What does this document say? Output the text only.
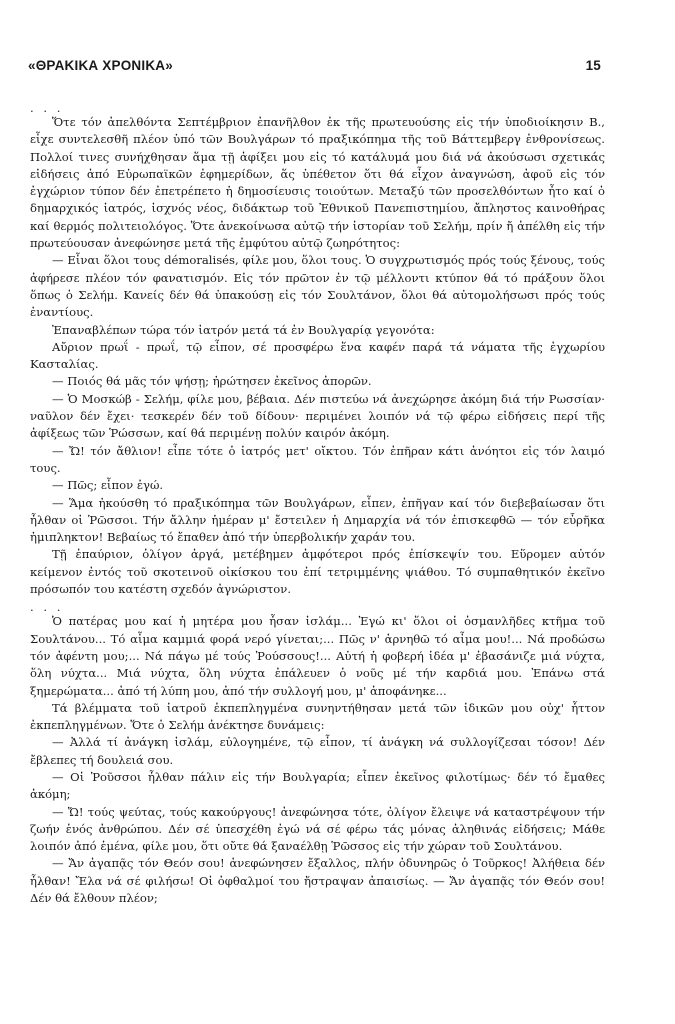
«ΘΡΑΚΙΚΑ ΧΡΟΝΙΚΑ»	15
. . .

Ὅτε τόν ἀπελθόντα Σεπτέμβριον ἐπανῆλθον ἐκ τῆς πρωτευούσης εἰς τήν ὑποδιοίκησιν Β., εἶχε συντελεσθῆ πλέον ὑπό τῶν Βουλγάρων τό πραξικόπημα τῆς τοῦ Βάττεμβεργ ἐνθρονίσεως. Πολλοί τινες συνήχθησαν ἅμα τῇ ἀφίξει μου εἰς τό κατάλυμά μου διά νά ἀκούσωσι σχετικάς εἰδήσεις ἀπό Εὐρωπαϊκῶν ἐφημερίδων, ἅς ὑπέθετον ὅτι θά εἶχον ἀναγνώση, ἀφοῦ εἰς τόν ἐγχώριον τύπον δέν ἐπετρέπετο ἡ δημοσίευσις τοιούτων. Μεταξύ τῶν προσελθόντων ἦτο καί ὁ δημαρχικός ἰατρός, ἰσχνός νέος, διδάκτωρ τοῦ Ἐθνικοῦ Πανεπιστημίου, ἄπληστος καινοθήρας καί θερμός πολιτειολόγος. Ὅτε ἀνεκοίνωσα αὐτῷ τήν ἱστορίαν τοῦ Σελήμ, πρίν ἤ ἀπέλθη εἰς τήν πρωτεύουσαν ἀνεφώνησε μετά τῆς ἐμφύτου αὐτῷ ζωηρότητος:

— Εἶναι ὅλοι τους démoralisés, φίλε μου, ὅλοι τους. Ὁ συγχρωτισμός πρός τούς ξένους, τούς ἀφήρεσε πλέον τόν φανατισμόν. Εἰς τόν πρῶτον ἐν τῷ μέλλοντι κτύπον θά τό πράξουν ὅλοι ὅπως ὁ Σελήμ. Κανείς δέν θά ὑπακούσῃ εἰς τόν Σουλτάνον, ὅλοι θά αὐτομολήσωσι πρός τούς ἐναντίους.

Ἐπαναβλέπων τώρα τόν ἰατρόν μετά τά ἐν Βουλγαρίᾳ γεγονότα:

Αὔριον πρωΐ - πρωΐ, τῷ εἶπον, σέ προσφέρω ἕνα καφέν παρά τά νάματα τῆς ἐγχωρίου Κασταλίας.

— Ποιός θά μᾶς τόν ψήσῃ; ἠρώτησεν ἐκεῖνος ἀπορῶν.

— Ὁ Μοσκώβ - Σελήμ, φίλε μου, βέβαια. Δέν πιστεύω νά ἀνεχώρησε ἀκόμη διά τήν Ρωσσίαν· ναῦλον δέν ἔχει· τεσκερέν δέν τοῦ δίδουν· περιμένει λοιπόν νά τῷ φέρω εἰδήσεις περί τῆς ἀφίξεως τῶν Ῥώσσων, καί θά περιμένῃ πολύν καιρόν ἀκόμη.

— Ὤ! τόν ἄθλιον! εἶπε τότε ὁ ἰατρός μετ' οἴκτου. Τόν ἐπῆραν κάτι ἀνόητοι εἰς τόν λαιμό τους.

— Πῶς; εἶπον ἐγώ.

— Ἅμα ἠκούσθη τό πραξικόπημα τῶν Βουλγάρων, εἶπεν, ἐπῆγαν καί τόν διεβεβαίωσαν ὅτι ἦλθαν οἱ Ῥῶσσοι. Τήν ἄλλην ἡμέραν μ' ἔστειλεν ἡ Δημαρχία νά τόν ἐπισκεφθῶ — τόν εὗρῆκα ἡμιπληκτον! Βεβαίως τό ἔπαθεν ἀπό τήν ὑπερβολικήν χαράν του.

Τῇ ἐπαύριον, ὀλίγον ἀργά, μετέβημεν ἀμφότεροι πρός ἐπίσκεψίν του. Εὕρομεν αὐτόν κείμενον ἐντός τοῦ σκοτεινοῦ οἰκίσκου του ἐπί τετριμμένης ψιάθου. Τό συμπαθητικόν ἐκεῖνο πρόσωπόν του κατέστη σχεδόν ἀγνώριστον.

. . .

Ὁ πατέρας μου καί ἡ μητέρα μου ἦσαν ἰσλάμ... Ἐγώ κι' ὅλοι οἱ ὀσμανλῆδες κτῆμα τοῦ Σουλτάνου... Τό αἷμα καμμιά φορά νερό γίνεται;... Πῶς ν' ἀρνηθῶ τό αἷμα μου!... Νά προδώσω τόν ἀφέντη μου;... Νά πάγω μέ τούς Ῥούσσους!... Αὐτή ἡ φοβερή ἰδέα μ' ἐβασάνιζε μιά νύχτα, ὅλη νύχτα... Μιά νύχτα, ὅλη νύχτα ἐπάλευεν ὁ νοῦς μέ τήν καρδιά μου. Ἐπάνω στά ξημερώματα... ἀπό τή λύπη μου, ἀπό τήν συλλογή μου, μ' ἀποφάνηκε...

Τά βλέμματα τοῦ ἰατροῦ ἐκπεπληγμένα συνηντήθησαν μετά τῶν ἰδικῶν μου οὐχ' ἧττον ἐκπεπληγμένων. Ὅτε ὁ Σελήμ ἀνέκτησε δυνάμεις:

— Ἀλλά τί ἀνάγκη ἰσλάμ, εὐλογημένε, τῷ εἶπον, τί ἀνάγκη νά συλλογίζεσαι τόσον! Δέν ἔβλεπες τή δουλειά σου.

— Οἱ Ῥοῦσσοι ἦλθαν πάλιν εἰς τήν Βουλγαρία; εἶπεν ἐκεῖνος φιλοτίμως· δέν τό ἔμαθες ἀκόμη;

— Ὤ! τούς ψεύτας, τούς κακούργους! ἀνεφώνησα τότε, ὀλίγον ἔλειψε νά καταστρέψουν τήν ζωήν ἑνός ἀνθρώπου. Δέν σέ ὑπεσχέθη ἐγώ νά σέ φέρω τάς μόνας ἀληθινάς εἰδήσεις; Μάθε λοιπόν ἀπό ἐμένα, φίλε μου, ὅτι οὔτε θά ξαναέλθῃ Ῥῶσσος εἰς τήν χώραν τοῦ Σουλτάνου.

— Ἄν ἀγαπᾷς τόν Θεόν σου! ἀνεφώνησεν ἔξαλλος, πλήν ὀδυνηρῶς ὁ Τοῦρκος! Ἀλήθεια δέν ἦλθαν! Ἔλα νά σέ φιλήσω! Οἱ ὀφθαλμοί του ἤστραψαν ἀπαισίως. — Ἄν ἀγαπᾷς τόν Θεόν σου! Δέν θά ἔλθουν πλέον;
